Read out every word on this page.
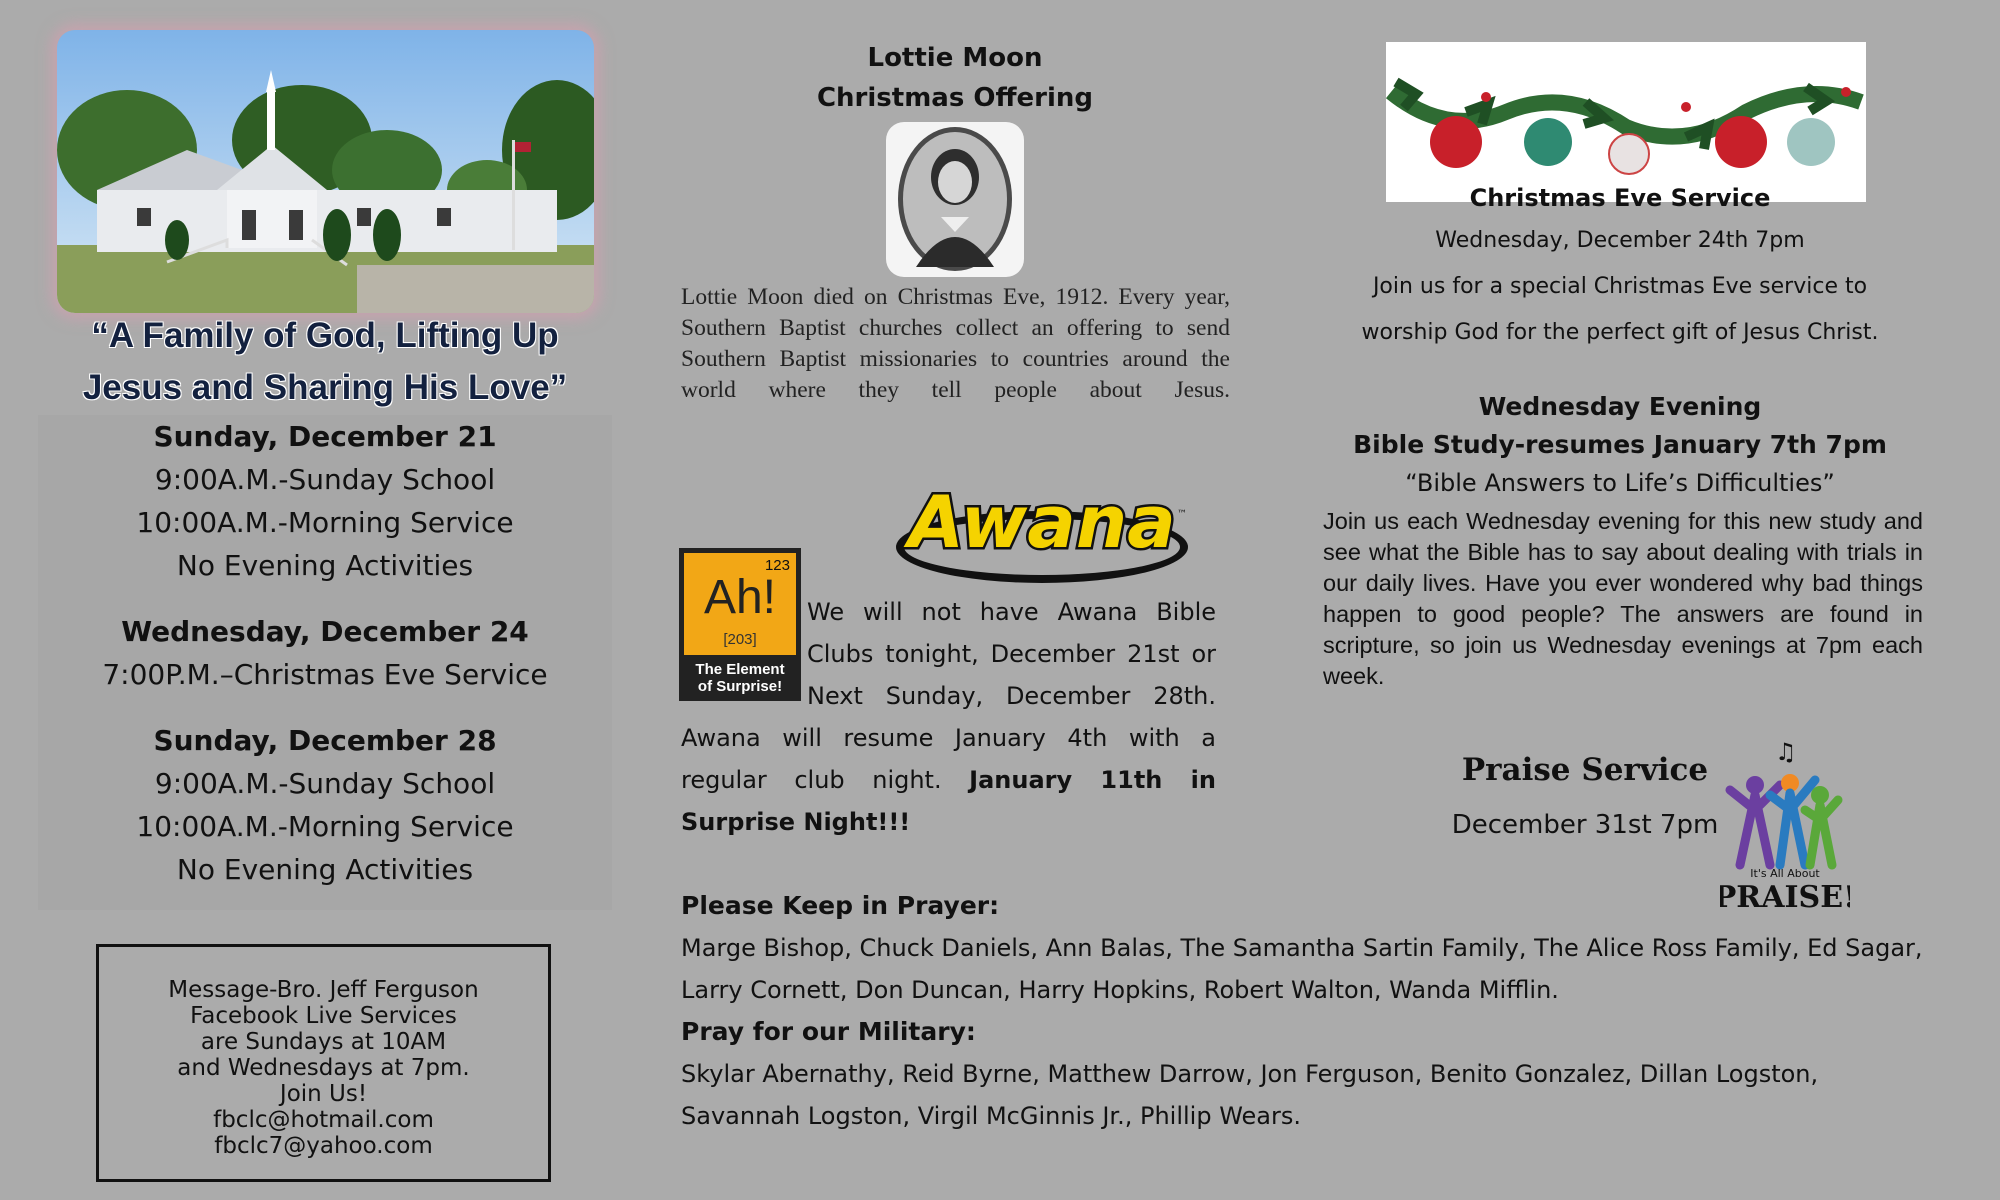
“A Family of God, Lifting Up Jesus and Sharing His Love”
Sunday, December 21
9:00A.M.-Sunday School
10:00A.M.-Morning Service
No Evening Activities
Wednesday, December 24
7:00P.M.–Christmas Eve Service
Sunday, December 28
9:00A.M.-Sunday School
10:00A.M.-Morning Service
No Evening Activities
Message-Bro. Jeff Ferguson
Facebook Live Services
are Sundays at 10AM
and Wednesdays at 7pm.
Join Us!
fbclc@hotmail.com
fbclc7@yahoo.com
Lottie Moon
Christmas Offering
Lottie Moon died on Christmas Eve, 1912. Every year, Southern Baptist churches collect an offering to send Southern Baptist missionaries to countries around the world where they tell people about Jesus.
Awana ™
123
Ah!
[203]
The Element
of Surprise!

We will not have Awana Bible Clubs tonight, December 21st or Next Sunday, December 28th. Awana will resume January 4th with a regular club night. January 11th in Surprise Night!!!

Christmas Eve Service
Wednesday, December 24th 7pm
Join us for a special Christmas Eve service to
worship God for the perfect gift of Jesus Christ.
Wednesday Evening
Bible Study-resumes January 7th 7pm
“Bible Answers to Life’s Difficulties”
Join us each Wednesday evening for this new study and see what the Bible has to say about dealing with trials in our daily lives. Have you ever wondered why bad things happen to good people? The answers are found in scripture, so join us Wednesday evenings at 7pm each week.
Praise Service
December 31st 7pm
♫
It's All About
PRAISE!
Please Keep in Prayer:
Marge Bishop, Chuck Daniels, Ann Balas, The Samantha Sartin Family, The Alice Ross Family, Ed Sagar,
Larry Cornett, Don Duncan, Harry Hopkins, Robert Walton, Wanda Mifflin.
Pray for our Military:
Skylar Abernathy, Reid Byrne, Matthew Darrow, Jon Ferguson, Benito Gonzalez, Dillan Logston,
Savannah Logston, Virgil McGinnis Jr., Phillip Wears.
